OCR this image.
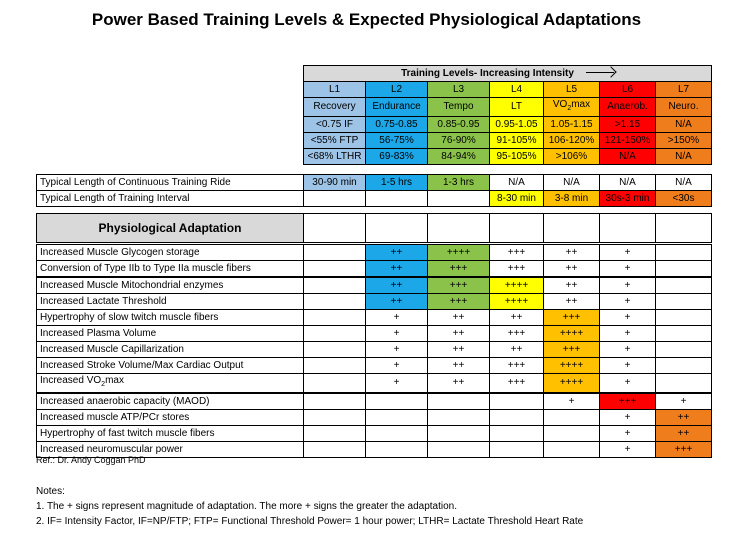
Power Based Training Levels & Expected Physiological Adaptations
Training Levels- Increasing Intensity						
L1	L2	L3	L4	L5	L6	L7
Recovery	Endurance	Tempo	LT	$VO_2\max$	Anaerob.	Neuro.
<0.75 IF	0.75-0.85	0.85-0.95	0.95-1.05	1.05-1.15	>1.15	N/A
<55% FTP	56-75%	76-90%	91-105%	106-120%	121-150%	>150%
<68% LTHR	69-83%	84-94%	95-105%	>106%	N/A	N/A
Typical Length of Continuous Training Ride	30-90 min	1-5 hrs	1-3 hrs	N/A	N/A	N/A	N/A
Typical Length of Training Interval				8-30 min	3-8 min	30s-3 min	<30s
Physiological Adaptation							

Increased Muscle Glycogen storage		++	++++	+++	++	+	
Conversion of Type IIb to Type IIa muscle fibers		++	+++	+++	++	+	
Increased Muscle Mitochondrial enzymes		++	+++	++++	++	+	
Increased Lactate Threshold		++	+++	++++	++	+	
Hypertrophy of slow twitch muscle fibers		+	++	++	+++	+	
Increased Plasma Volume		+	++	+++	++++	+	
Increased Muscle Capillarization		+	++	++	+++	+	
Increased Stroke Volume/Max Cardiac Output		+	++	+++	++++	+	
Increased $VO_2\max$		+	++	+++	++++	+	
Increased anaerobic capacity (MAOD)					+	+++	+
Increased muscle ATP/PCr stores						+	++
Hypertrophy of fast twitch muscle fibers						+	++
Increased neuromuscular power						+	+++
Ref.: Dr. Andy Coggan PhD
Notes:
1. The + signs represent magnitude of adaptation. The more + signs the greater the adaptation.
2. IF= Intensity Factor, IF=NP/FTP; FTP= Functional Threshold Power= 1 hour power; LTHR= Lactate Threshold Heart Rate
